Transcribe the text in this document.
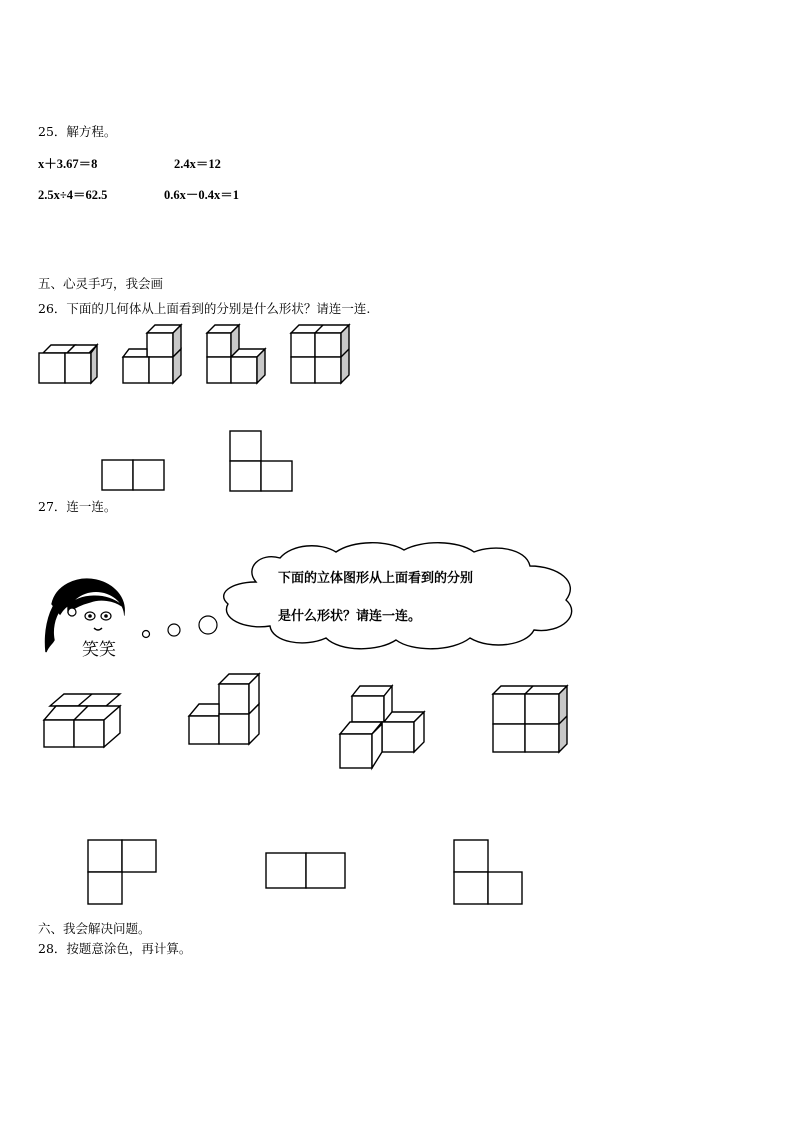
25．解方程。
x＋3.67＝8	2.4x＝12
2.5x÷4＝62.5	0.6x－0.4x＝1
五、心灵手巧，我会画
26．下面的几何体从上面看到的分别是什么形状？请连一连.
27．连一连。
笑笑
下面的立体图形从上面看到的分别
是什么形状？请连一连。
六、我会解决问题。
28．按题意涂色，再计算。
